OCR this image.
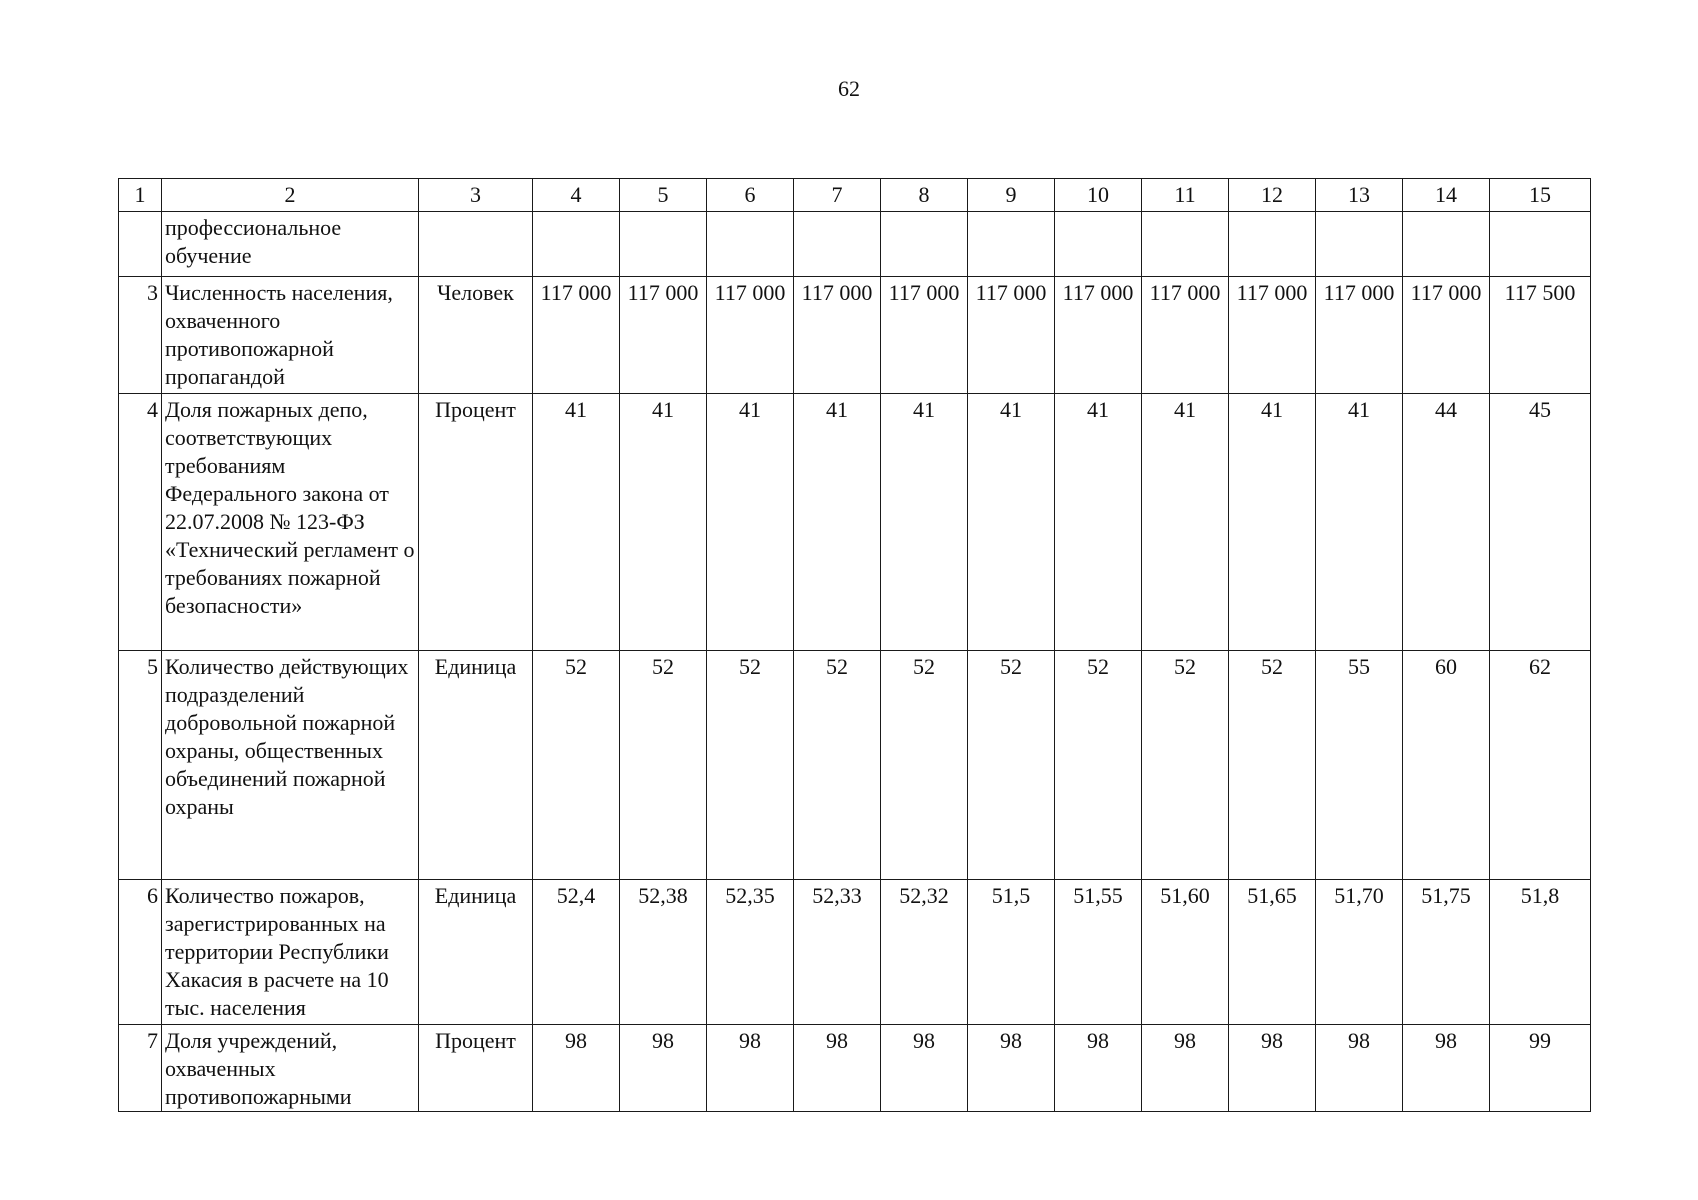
62
1	2	3	4	5	6	7	8	9	10	11	12	13	14	15
	профессиональное обучение													
3	Численность населения, охваченного противопожарной пропагандой	Человек	117 000	117 000	117 000	117 000	117 000	117 000	117 000	117 000	117 000	117 000	117 000	117 500
4	Доля пожарных депо, соответствующих требованиям Федерального закона от 22.07.2008 № 123-ФЗ «Технический регламент о требованиях пожарной безопасности»	Процент	41	41	41	41	41	41	41	41	41	41	44	45
5	Количество действующих подразделений добровольной пожарной охраны, общественных объединений пожарной охраны	Единица	52	52	52	52	52	52	52	52	52	55	60	62
6	Количество пожаров, зарегистрированных на территории Республики Хакасия в расчете на 10 тыс. населения	Единица	52,4	52,38	52,35	52,33	52,32	51,5	51,55	51,60	51,65	51,70	51,75	51,8
7	Доля учреждений, охваченных противопожарными	Процент	98	98	98	98	98	98	98	98	98	98	98	99
